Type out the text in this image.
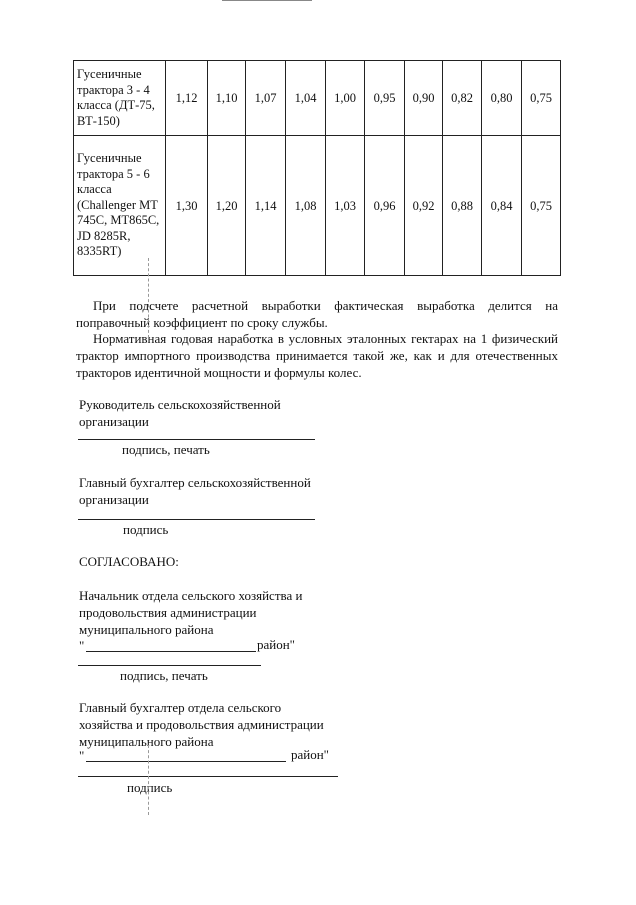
Гусеничные трактора 3 - 4 класса (ДТ-75, ВТ-150)	1,12	1,10	1,07	1,04	1,00	0,95	0,90	0,82	0,80	0,75
Гусеничные трактора 5 - 6 класса (Challenger МТ 745С, МТ865С, JD 8285R, 8335RT)	1,30	1,20	1,14	1,08	1,03	0,96	0,92	0,88	0,84	0,75
При подсчете расчетной выработки фактическая выработка делится на поправочный коэффициент по сроку службы.
Нормативная годовая наработка в условных эталонных гектарах на 1 физический трактор импортного производства принимается такой же, как и для отечественных тракторов идентичной мощности и формулы колес.
Руководитель сельскохозяйственной организации
подпись, печать
Главный бухгалтер сельскохозяйственной организации
подпись
СОГЛАСОВАНО:
Начальник отдела сельского хозяйства и продовольствия администрации муниципального района
"	район"
подпись, печать
Главный бухгалтер отдела сельского хозяйства и продовольствия администрации муниципального района
"	район"
подпись
